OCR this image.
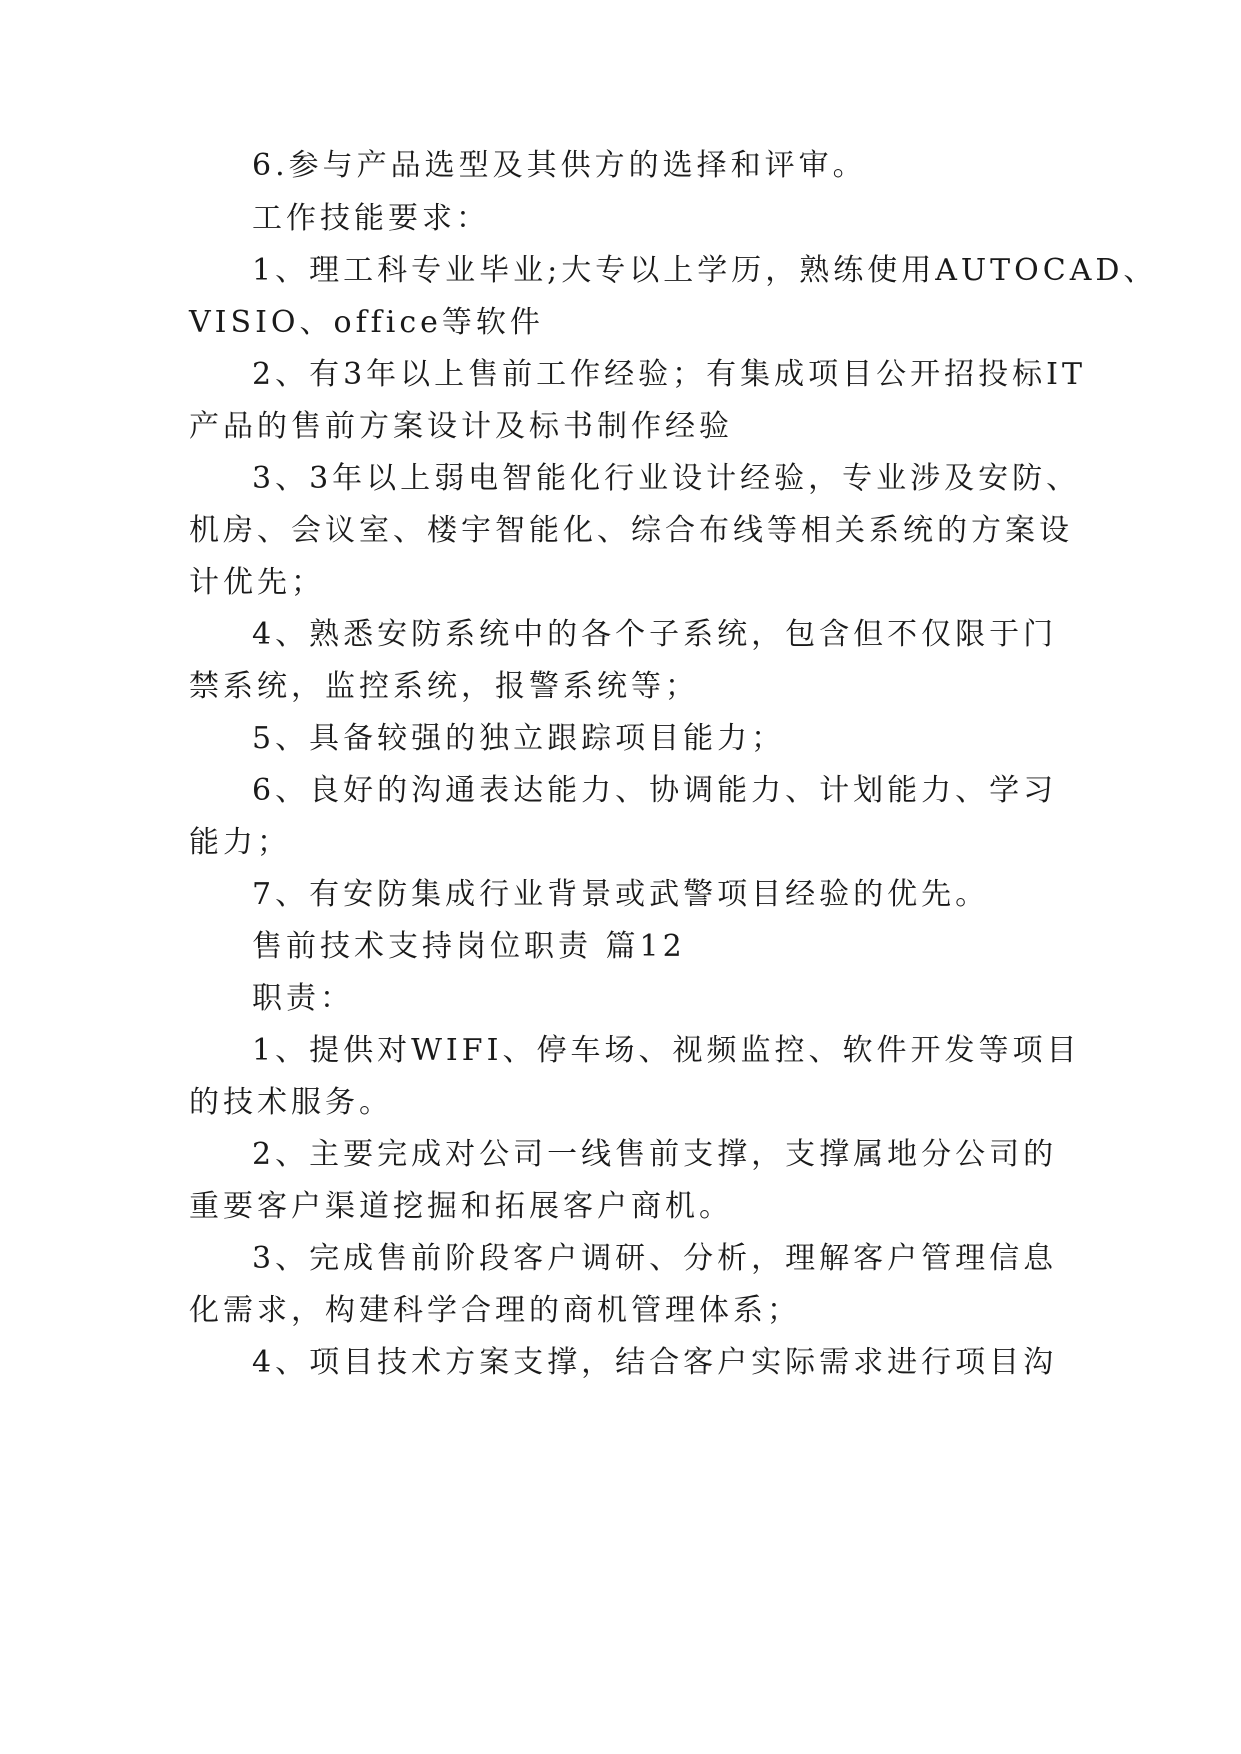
6.参与产品选型及其供方的选择和评审。
工作技能要求：
1、理工科专业毕业;大专以上学历，熟练使用AUTOCAD、
VISIO、office等软件
2、有3年以上售前工作经验；有集成项目公开招投标IT
产品的售前方案设计及标书制作经验
3、3年以上弱电智能化行业设计经验，专业涉及安防、
机房、会议室、楼宇智能化、综合布线等相关系统的方案设
计优先；
4、熟悉安防系统中的各个子系统，包含但不仅限于门
禁系统，监控系统，报警系统等；
5、具备较强的独立跟踪项目能力；
6、良好的沟通表达能力、协调能力、计划能力、学习
能力；
7、有安防集成行业背景或武警项目经验的优先。
售前技术支持岗位职责 篇12
职责：
1、提供对WIFI、停车场、视频监控、软件开发等项目
的技术服务。
2、主要完成对公司一线售前支撑，支撑属地分公司的
重要客户渠道挖掘和拓展客户商机。
3、完成售前阶段客户调研、分析，理解客户管理信息
化需求，构建科学合理的商机管理体系；
4、项目技术方案支撑，结合客户实际需求进行项目沟
